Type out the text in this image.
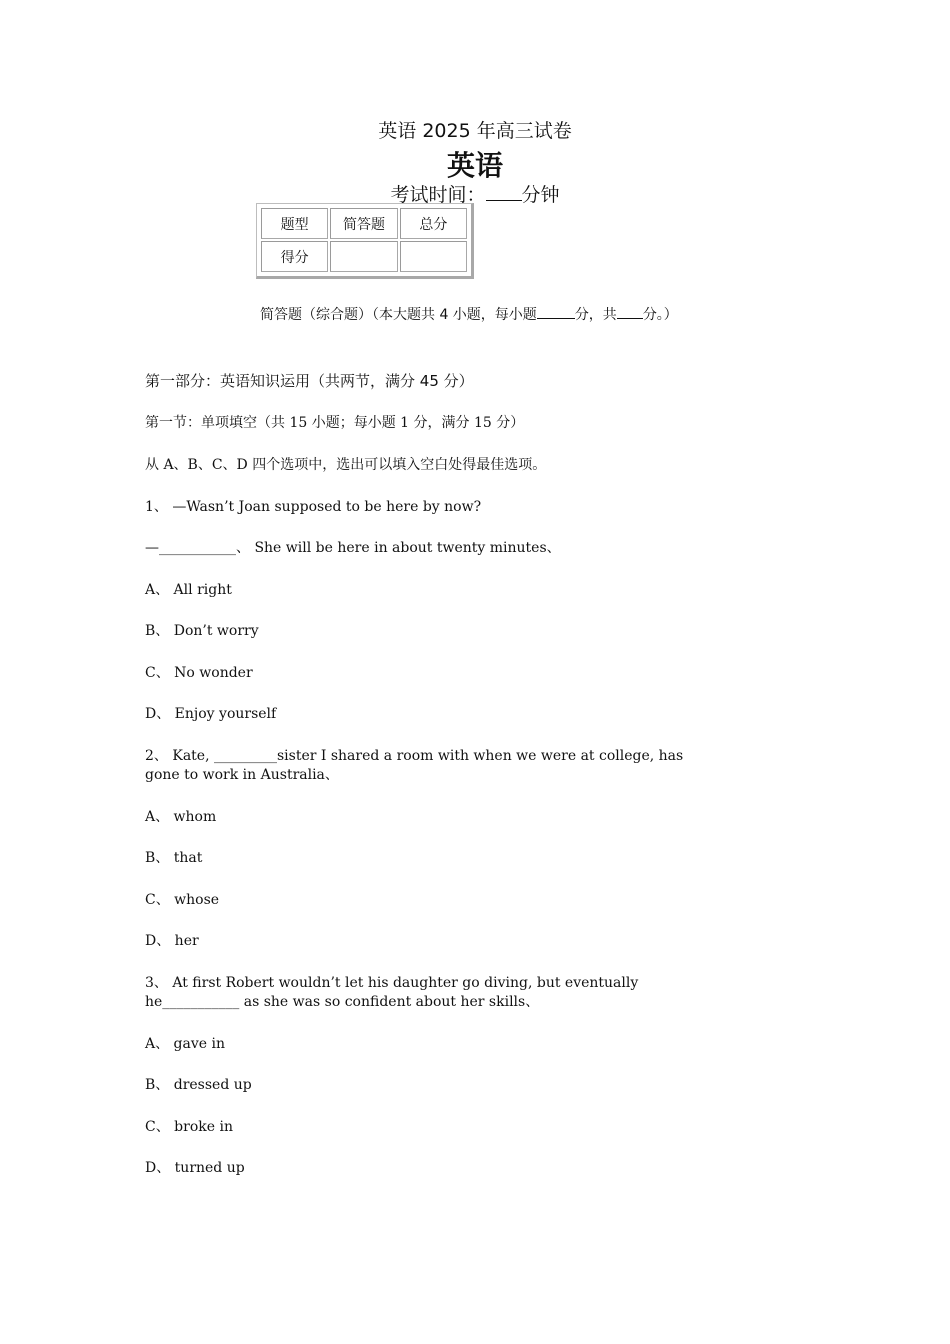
英语 2025 年高三试卷
英语
考试时间： 分钟
题型	简答题	总分
得分		
简答题（综合题）（本大题共 4 小题，每小题	分，共 分。）
第一部分：英语知识运用（共两节，满分 45 分）
第一节：单项填空（共 15 小题；每小题 1 分，满分 15 分）
从 A、B、C、D 四个选项中，选出可以填入空白处得最佳选项。
1、 —Wasn’t Joan supposed to be here by now?
—___________、 She will be here in about twenty minutes、
A、 All right
B、 Don’t worry
C、 No wonder
D、 Enjoy yourself
2、 Kate, _________sister I shared a room with when we were at college, has
gone to work in Australia、
A、 whom
B、 that
C、 whose
D、 her
3、 At first Robert wouldn’t let his daughter go diving, but eventually
he___________ as she was so confident about her skills、
A、 gave in
B、 dressed up
C、 broke in
D、 turned up
